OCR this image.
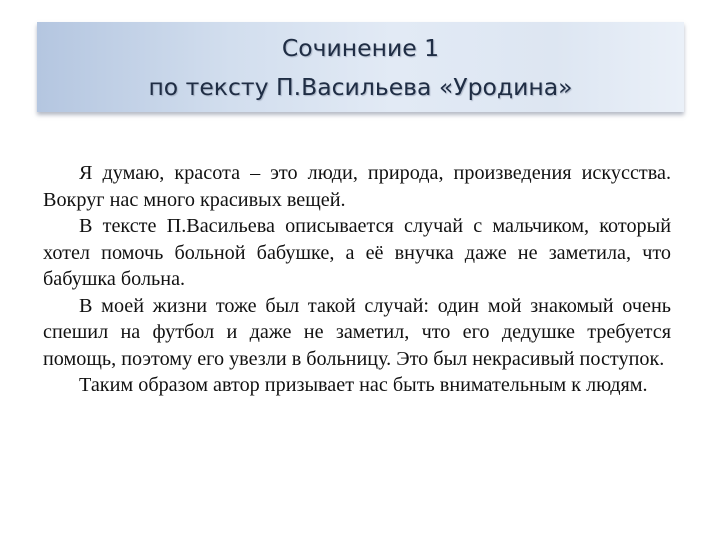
Сочинение 1
по тексту П.Васильева «Уродина»

Я думаю, красота – это люди, природа, произведения искусства. Вокруг нас много красивых вещей.

В тексте П.Васильева описывается случай с мальчиком, который хотел помочь больной бабушке, а её внучка даже не заметила, что бабушка больна.

В моей жизни тоже был такой случай: один мой знакомый очень спешил на футбол и даже не заметил, что его дедушке требуется помощь, поэтому его увезли в больницу. Это был некрасивый поступок.

Таким образом автор призывает нас быть внимательным к людям.
